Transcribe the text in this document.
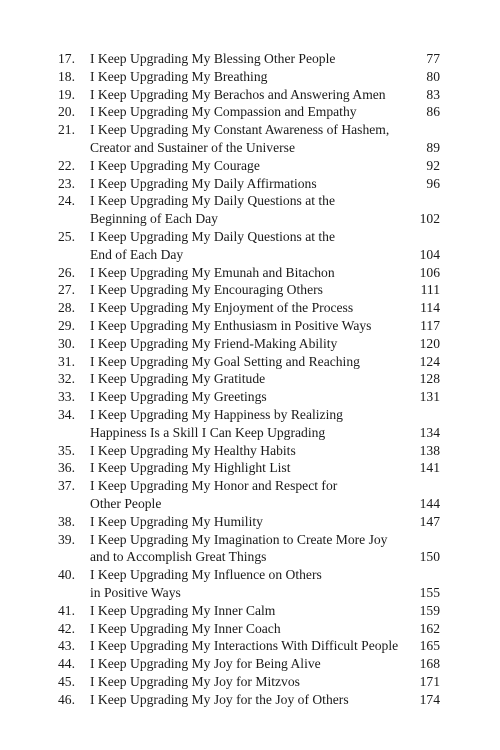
17.	I Keep Upgrading My Blessing Other People	77
18.	I Keep Upgrading My Breathing	80
19.	I Keep Upgrading My Berachos and Answering Amen	83
20.	I Keep Upgrading My Compassion and Empathy	86
21.	I Keep Upgrading My Constant Awareness of Hashem,
Creator and Sustainer of the Universe	89
22.	I Keep Upgrading My Courage	92
23.	I Keep Upgrading My Daily Affirmations	96
24.	I Keep Upgrading My Daily Questions at the
Beginning of Each Day	102
25.	I Keep Upgrading My Daily Questions at the
End of Each Day	104
26.	I Keep Upgrading My Emunah and Bitachon	106
27.	I Keep Upgrading My Encouraging Others	111
28.	I Keep Upgrading My Enjoyment of the Process	114
29.	I Keep Upgrading My Enthusiasm in Positive Ways	117
30.	I Keep Upgrading My Friend-Making Ability	120
31.	I Keep Upgrading My Goal Setting and Reaching	124
32.	I Keep Upgrading My Gratitude	128
33.	I Keep Upgrading My Greetings	131
34.	I Keep Upgrading My Happiness by Realizing
Happiness Is a Skill I Can Keep Upgrading	134
35.	I Keep Upgrading My Healthy Habits	138
36.	I Keep Upgrading My Highlight List	141
37.	I Keep Upgrading My Honor and Respect for
Other People	144
38.	I Keep Upgrading My Humility	147
39.	I Keep Upgrading My Imagination to Create More Joy
and to Accomplish Great Things	150
40.	I Keep Upgrading My Influence on Others
in Positive Ways	155
41.	I Keep Upgrading My Inner Calm	159
42.	I Keep Upgrading My Inner Coach	162
43.	I Keep Upgrading My Interactions With Difficult People	165
44.	I Keep Upgrading My Joy for Being Alive	168
45.	I Keep Upgrading My Joy for Mitzvos	171
46.	I Keep Upgrading My Joy for the Joy of Others	174
